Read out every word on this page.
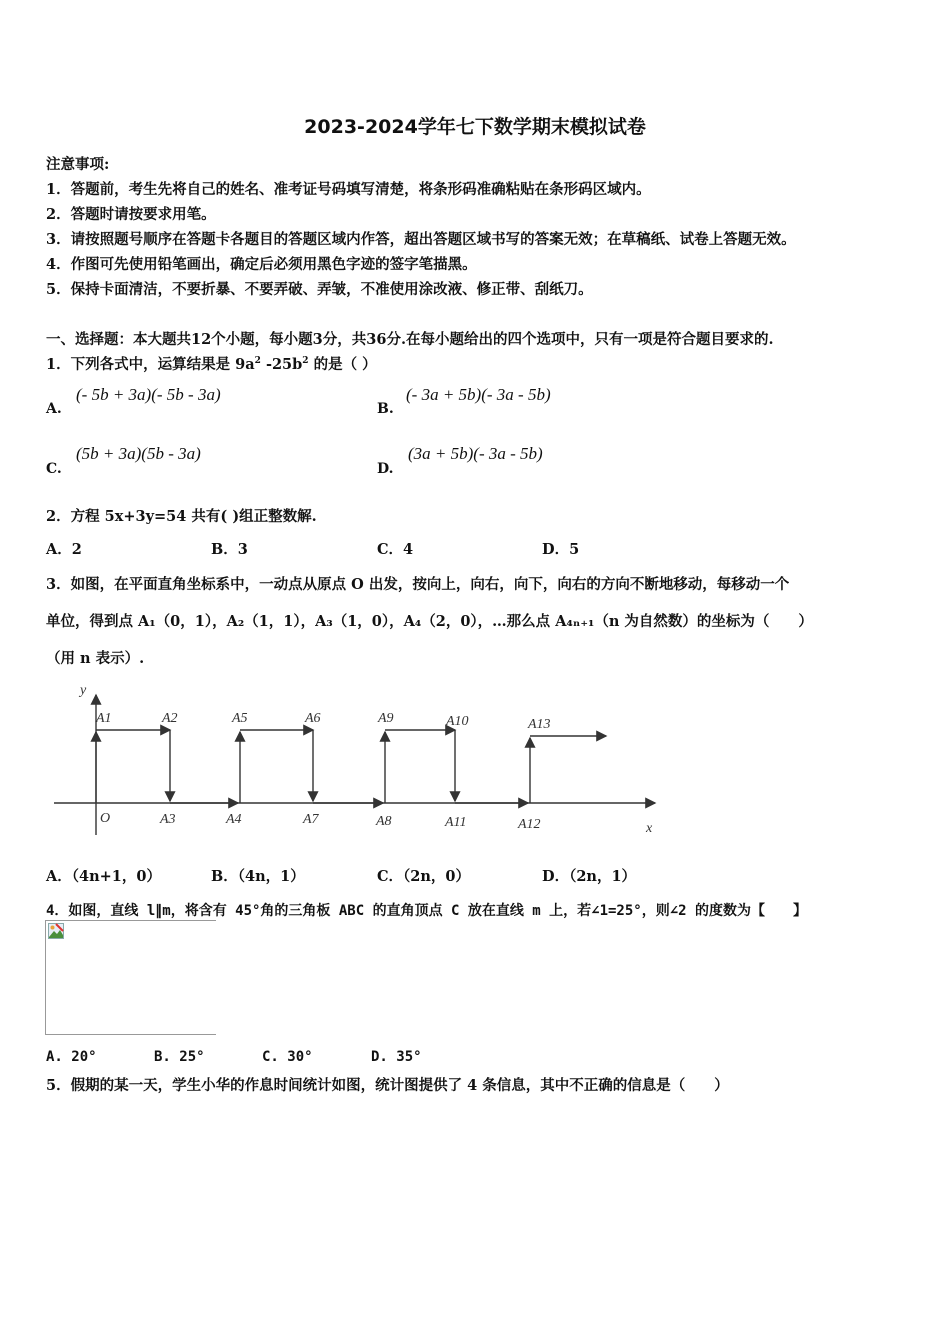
2023-2024学年七下数学期末模拟试卷
注意事项:
1．答题前，考生先将自己的姓名、准考证号码填写清楚，将条形码准确粘贴在条形码区域内。
2．答题时请按要求用笔。
3．请按照题号顺序在答题卡各题目的答题区域内作答，超出答题区域书写的答案无效；在草稿纸、试卷上答题无效。
4．作图可先使用铅笔画出，确定后必须用黑色字迹的签字笔描黑。
5．保持卡面清洁，不要折暴、不要弄破、弄皱，不准使用涂改液、修正带、刮纸刀。
一、选择题：本大题共12个小题，每小题3分，共36分.在每小题给出的四个选项中，只有一项是符合题目要求的.
1．下列各式中，运算结果是 $9a^2$ $-25b^2$ 的是（ ）
A.
(- 5b + 3a)(- 5b - 3a)
B.
(- 3a + 5b)(- 3a - 5b)
C.
(5b + 3a)(5b - 3a)
D.
(3a + 5b)(- 3a - 5b)
2．方程 5x+3y=54 共有( )组正整数解.
A．2	B．3	C．4	D．5
3．如图，在平面直角坐标系中，一动点从原点 O 出发，按向上，向右，向下，向右的方向不断地移动，每移动一个
单位，得到点 A₁（0，1），A₂（1，1），A₃（1，0），A₄（2，0），…那么点 A₄ₙ₊₁（n 为自然数）的坐标为（　　）
（用 n 表示）.
y
x
O
A1	A2
A3	A4
A5	A6
A7	A8
A9	A10
A11	A12
A13
A．（4n+1，0）	B．（4n，1）	C．（2n，0）	D．（2n，1）
4．如图，直线 l∥m，将含有 45°角的三角板 ABC 的直角顶点 C 放在直线 m 上，若∠1=25°，则∠2 的度数为【　　】
A. 20°	B. 25°	C. 30°	D. 35°
5．假期的某一天，学生小华的作息时间统计如图，统计图提供了 4 条信息，其中不正确的信息是（　　）
